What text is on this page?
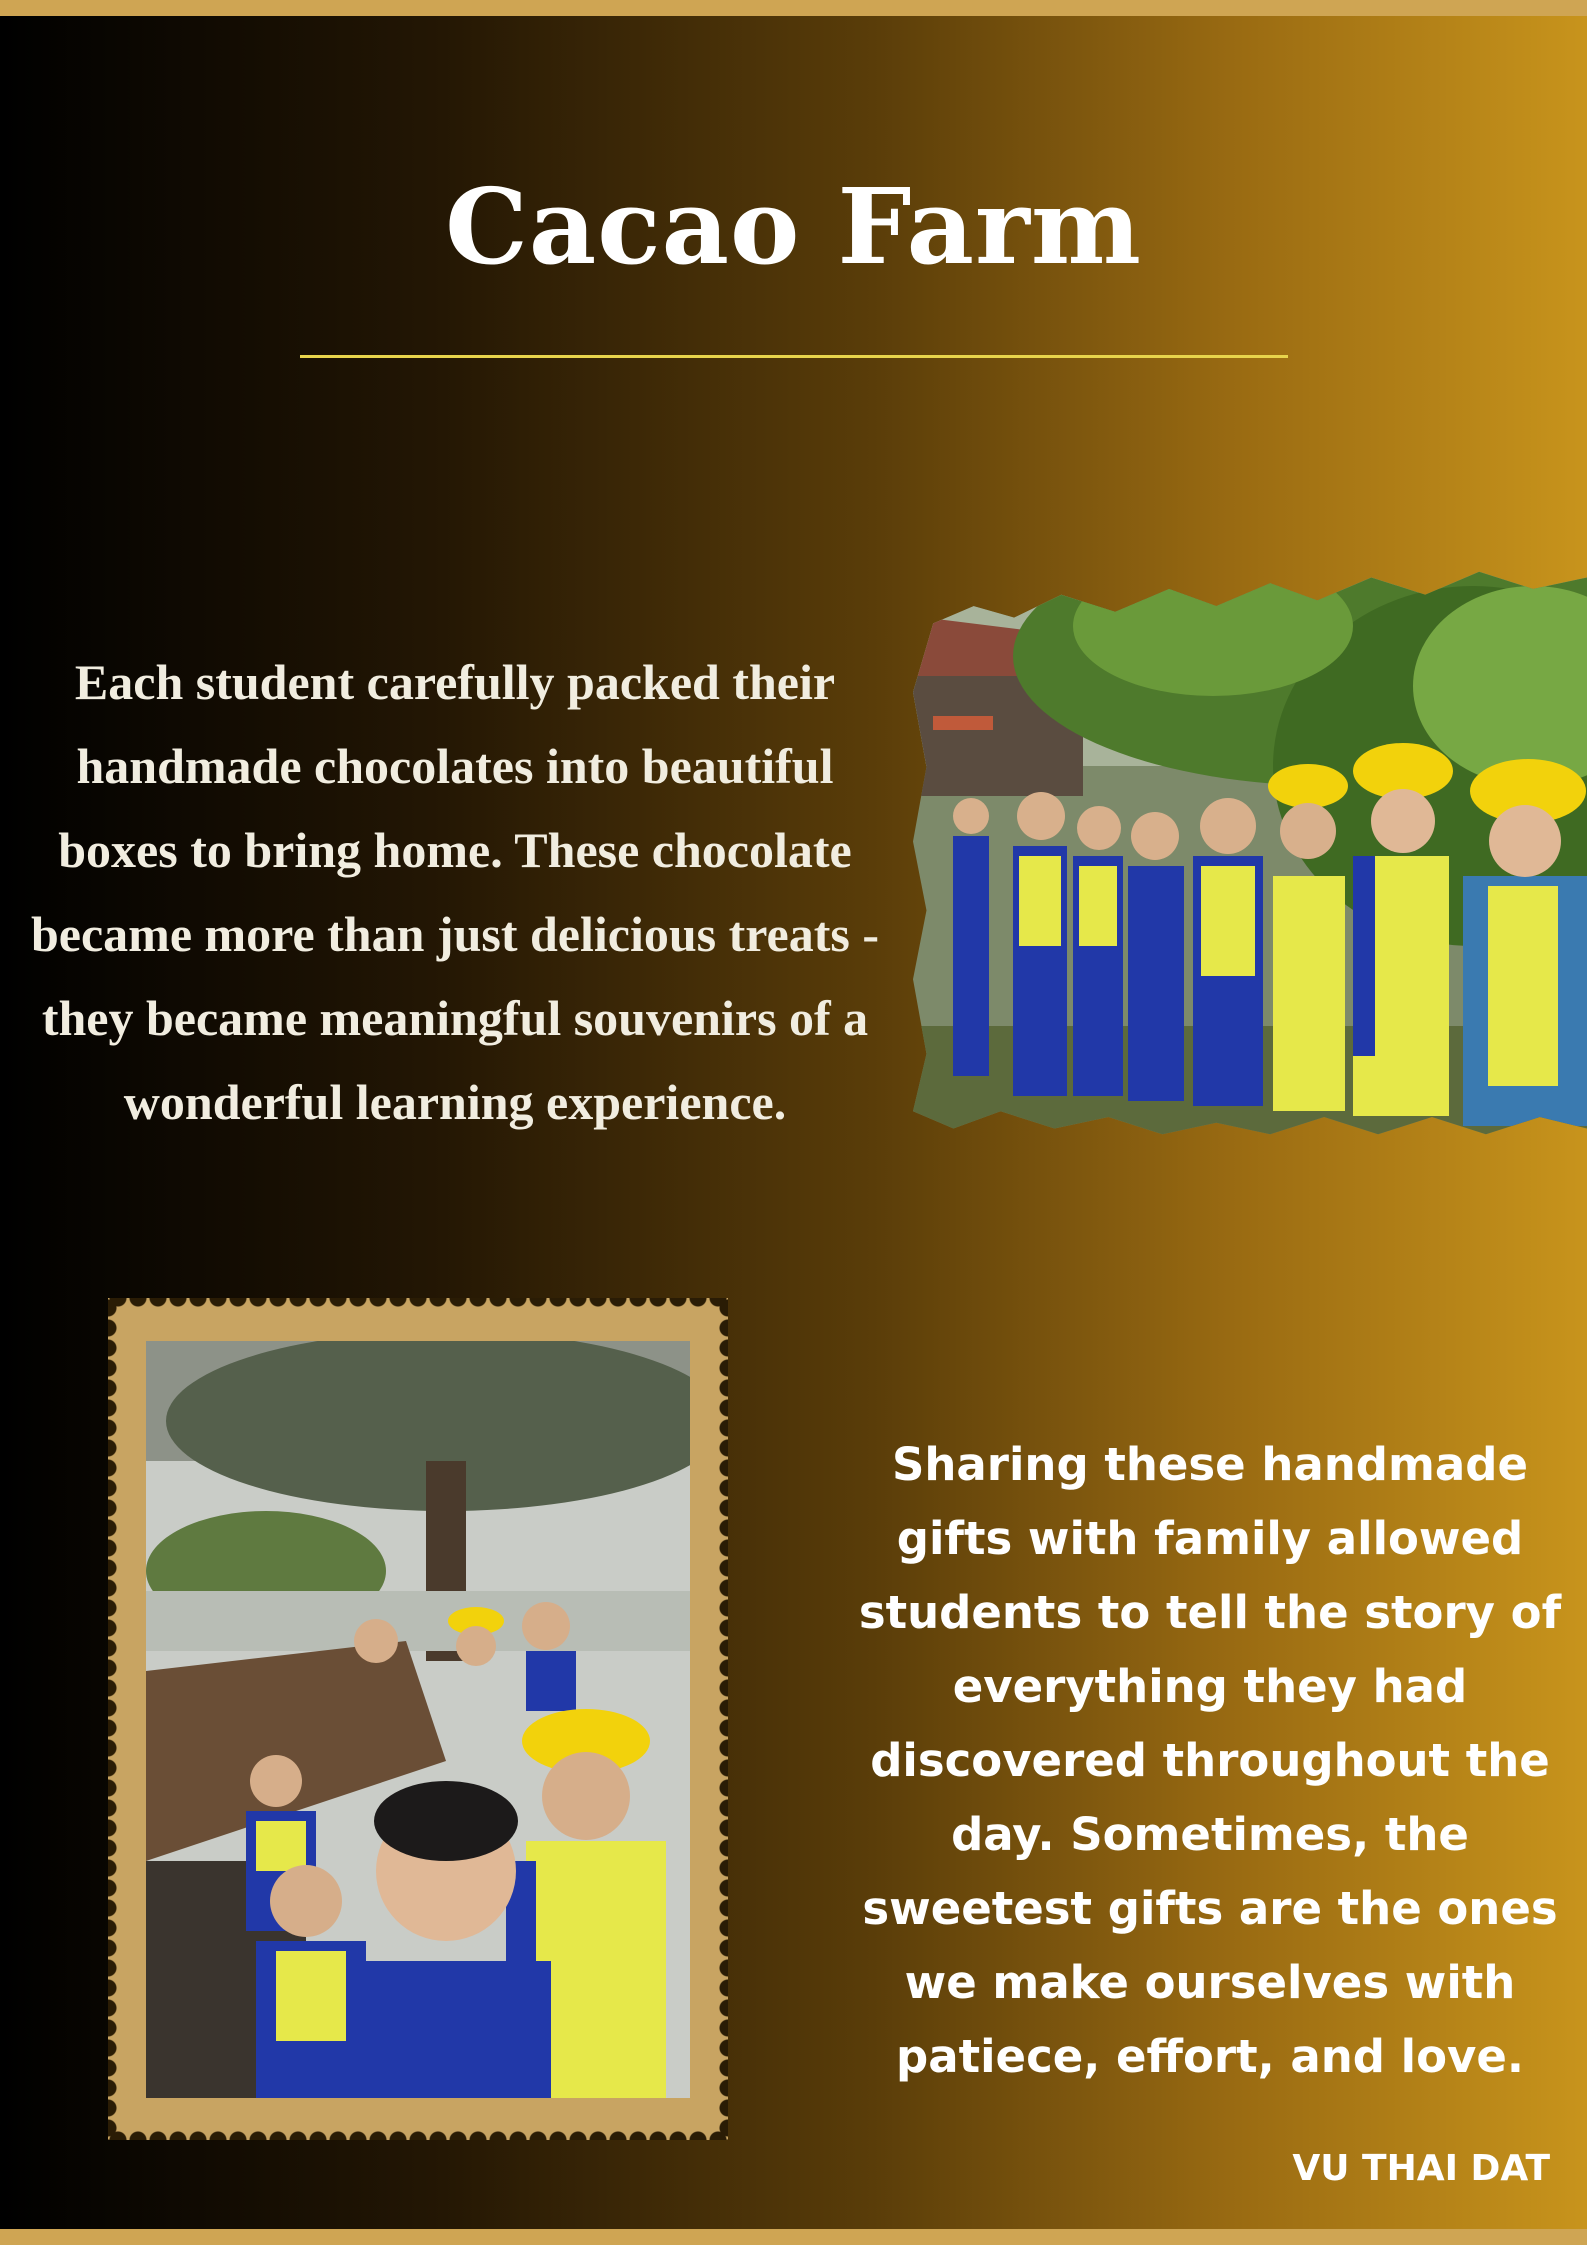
Cacao Farm

Each student carefully packed their handmade chocolates into beautiful boxes to bring home. These chocolate became more than just delicious treats - they became meaningful souvenirs of a wonderful learning experience.

Sharing these handmade gifts with family allowed students to tell the story of everything they had discovered throughout the day. Sometimes, the sweetest gifts are the ones we make ourselves with patiece, effort, and love.

VU THAI DAT
